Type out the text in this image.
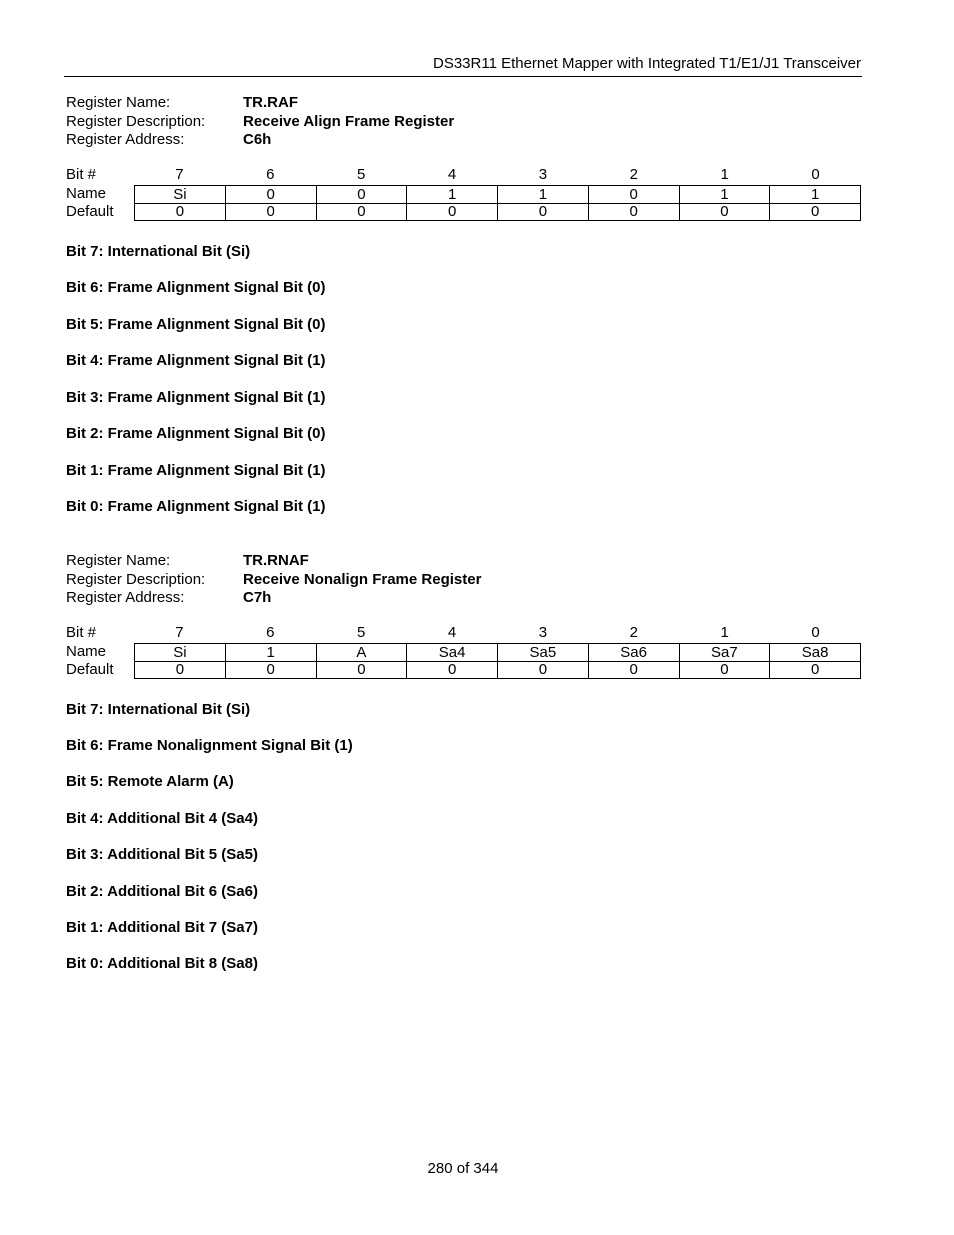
DS33R11 Ethernet Mapper with Integrated T1/E1/J1 Transceiver
Register Name:	TR.RAF
Register Description:	Receive Align Frame Register
Register Address:	C6h
Bit #	7	6	5	4	3	2	1	0
Name	Si	0	0	1	1	0	1	1
Default	0	0	0	0	0	0	0	0
Bit 7: International Bit (Si)
Bit 6: Frame Alignment Signal Bit (0)
Bit 5: Frame Alignment Signal Bit (0)
Bit 4: Frame Alignment Signal Bit (1)
Bit 3: Frame Alignment Signal Bit (1)
Bit 2: Frame Alignment Signal Bit (0)
Bit 1: Frame Alignment Signal Bit (1)
Bit 0: Frame Alignment Signal Bit (1)
Register Name:	TR.RNAF
Register Description:	Receive Nonalign Frame Register
Register Address:	C7h
Bit #	7	6	5	4	3	2	1	0
Name	Si	1	A	Sa4	Sa5	Sa6	Sa7	Sa8
Default	0	0	0	0	0	0	0	0
Bit 7: International Bit (Si)
Bit 6: Frame Nonalignment Signal Bit (1)
Bit 5: Remote Alarm (A)
Bit 4: Additional Bit 4 (Sa4)
Bit 3: Additional Bit 5 (Sa5)
Bit 2: Additional Bit 6 (Sa6)
Bit 1: Additional Bit 7 (Sa7)
Bit 0: Additional Bit 8 (Sa8)
280 of 344
